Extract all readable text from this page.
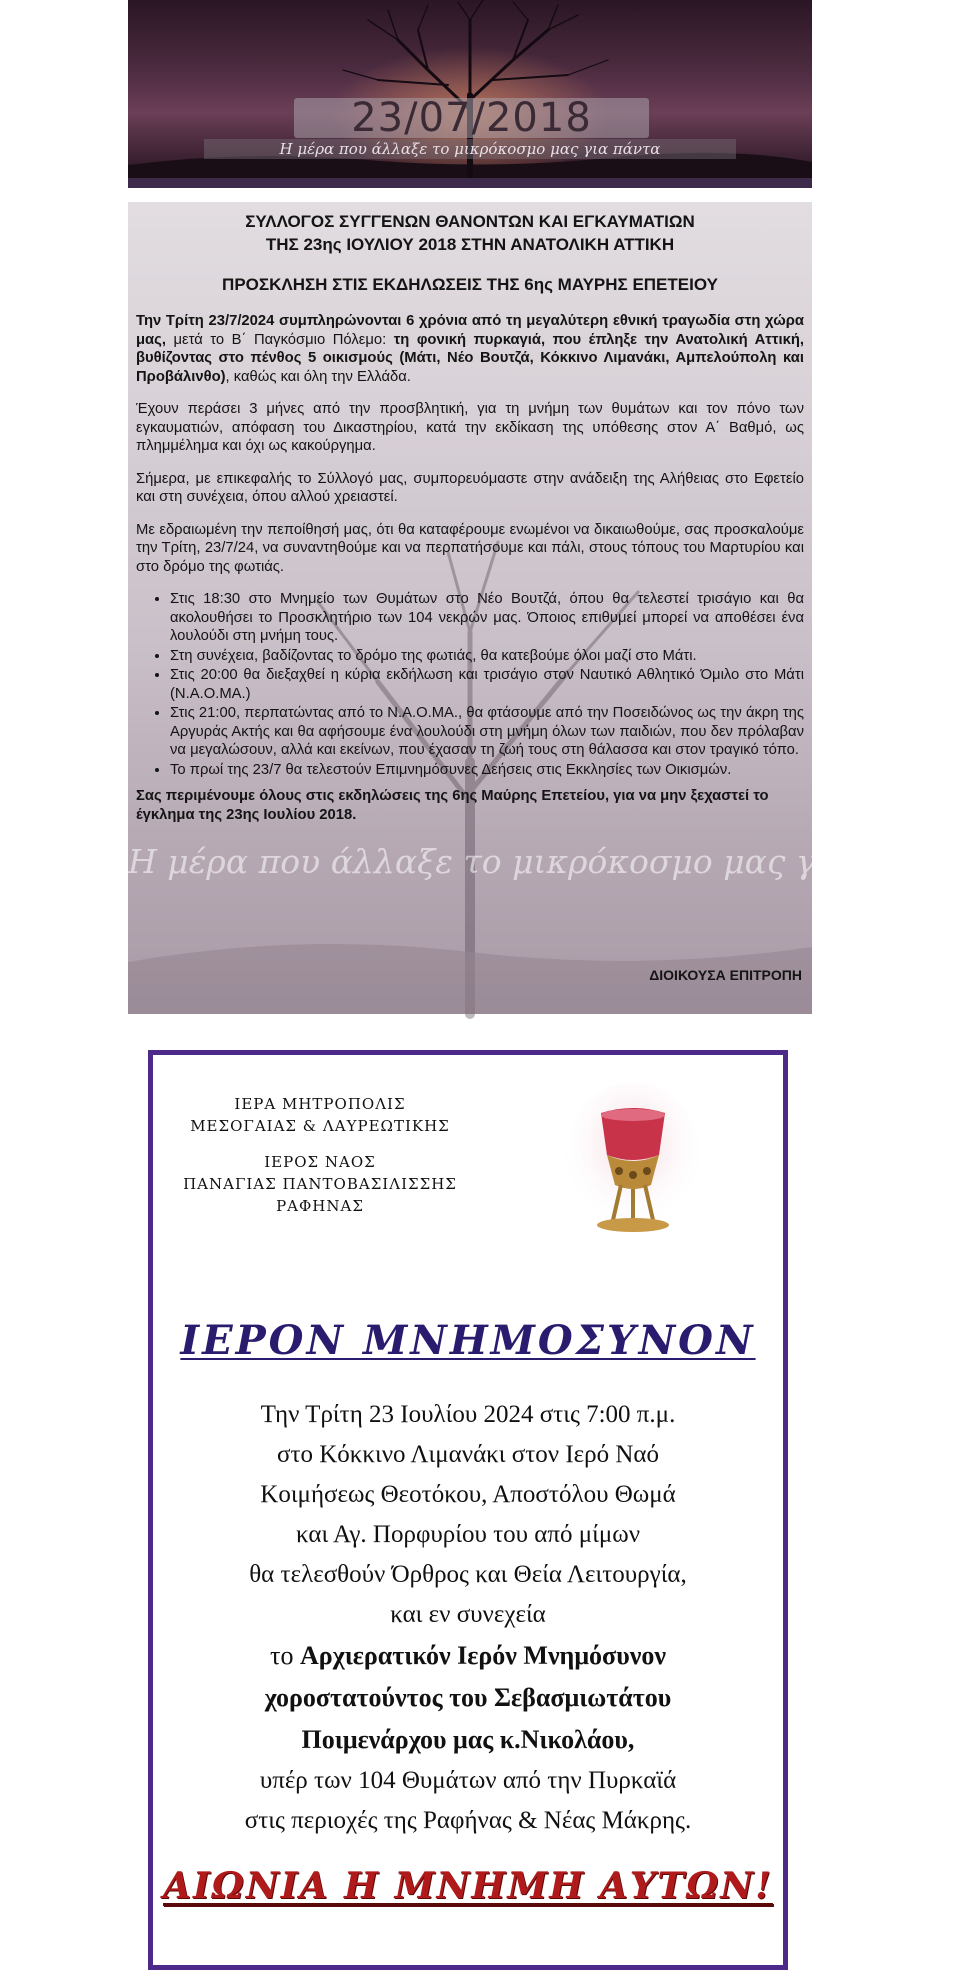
23/07/2018
Η μέρα που άλλαξε το μικρόκοσμο μας για πάντα
Η μέρα που άλλαξε το μικρόκοσμο μας για πάντα

ΣΥΛΛΟΓΟΣ ΣΥΓΓΕΝΩΝ ΘΑΝΟΝΤΩΝ ΚΑΙ ΕΓΚΑΥΜΑΤΙΩΝ

ΤΗΣ 23ης ΙΟΥΛΙΟΥ 2018 ΣΤΗΝ ΑΝΑΤΟΛΙΚΗ ΑΤΤΙΚΗ

ΠΡΟΣΚΛΗΣΗ ΣΤΙΣ ΕΚΔΗΛΩΣΕΙΣ ΤΗΣ 6ης ΜΑΥΡΗΣ ΕΠΕΤΕΙΟΥ

Την Τρίτη 23/7/2024 συμπληρώνονται 6 χρόνια από τη μεγαλύτερη εθνική τραγωδία στη χώρα μας, μετά το Β΄ Παγκόσμιο Πόλεμο: τη φονική πυρκαγιά, που έπληξε την Ανατολική Αττική, βυθίζοντας στο πένθος 5 οικισμούς (Μάτι, Νέο Βουτζά, Κόκκινο Λιμανάκι, Αμπελούπολη και Προβάλινθο), καθώς και όλη την Ελλάδα.

Έχουν περάσει 3 μήνες από την προσβλητική, για τη μνήμη των θυμάτων και τον πόνο των εγκαυματιών, απόφαση του Δικαστηρίου, κατά την εκδίκαση της υπόθεσης στον Α΄ Βαθμό, ως πλημμέλημα και όχι ως κακούργημα.

Σήμερα, με επικεφαλής το Σύλλογό μας, συμπορευόμαστε στην ανάδειξη της Αλήθειας στο Εφετείο και στη συνέχεια, όπου αλλού χρειαστεί.

Με εδραιωμένη την πεποίθησή μας, ότι θα καταφέρουμε ενωμένοι να δικαιωθούμε, σας προσκαλούμε την Τρίτη, 23/7/24, να συναντηθούμε και να περπατήσουμε και πάλι, στους τόπους του Μαρτυρίου και στο δρόμο της φωτιάς.

• Στις 18:30 στο Μνημείο των Θυμάτων στο Νέο Βουτζά, όπου θα τελεστεί τρισάγιο και θα ακολουθήσει το Προσκλητήριο των 104 νεκρών μας. Όποιος επιθυμεί μπορεί να αποθέσει ένα λουλούδι στη μνήμη τους.
• Στη συνέχεια, βαδίζοντας το δρόμο της φωτιάς, θα κατεβούμε όλοι μαζί στο Μάτι.
• Στις 20:00 θα διεξαχθεί η κύρια εκδήλωση και τρισάγιο στον Ναυτικό Αθλητικό Όμιλο στο Μάτι (Ν.Α.Ο.ΜΑ.)
• Στις 21:00, περπατώντας από το Ν.Α.Ο.ΜΑ., θα φτάσουμε από την Ποσειδώνος ως την άκρη της Αργυράς Ακτής και θα αφήσουμε ένα λουλούδι στη μνήμη όλων των παιδιών, που δεν πρόλαβαν να μεγαλώσουν, αλλά και εκείνων, που έχασαν τη ζωή τους στη θάλασσα και στον τραγικό τόπο.
• Το πρωί της 23/7 θα τελεστούν Επιμνημόσυνες Δεήσεις στις Εκκλησίες των Οικισμών.

Σας περιμένουμε όλους στις εκδηλώσεις της 6ης Μαύρης Επετείου, για να μην ξεχαστεί το έγκλημα της 23ης Ιουλίου 2018.

ΔΙΟΙΚΟΥΣΑ ΕΠΙΤΡΟΠΗ
ΙΕΡΑ ΜΗΤΡΟΠΟΛΙΣ
ΜΕΣΟΓΑΙΑΣ & ΛΑΥΡΕΩΤΙΚΗΣ
ΙΕΡΟΣ ΝΑΟΣ
ΠΑΝΑΓΙΑΣ ΠΑΝΤΟΒΑΣΙΛΙΣΣΗΣ
ΡΑΦΗΝΑΣ
ΙΕΡΟΝ ΜΝΗΜΟΣΥΝΟΝ
Την Τρίτη 23 Ιουλίου 2024 στις 7:00 π.μ.
στο Κόκκινο Λιμανάκι στον Ιερό Ναό
Κοιμήσεως Θεοτόκου, Αποστόλου Θωμά
και Αγ. Πορφυρίου του από μίμων
θα τελεσθούν Όρθρος και Θεία Λειτουργία,
και εν συνεχεία
το Αρχιερατικόν Ιερόν Μνημόσυνον
χοροστατούντος του Σεβασμιωτάτου
Ποιμενάρχου μας κ.Νικολάου,
υπέρ των 104 Θυμάτων από την Πυρκαϊά
στις περιοχές της Ραφήνας & Νέας Μάκρης.
ΑΙΩΝΙΑ Η ΜΝΗΜΗ ΑΥΤΩΝ!
